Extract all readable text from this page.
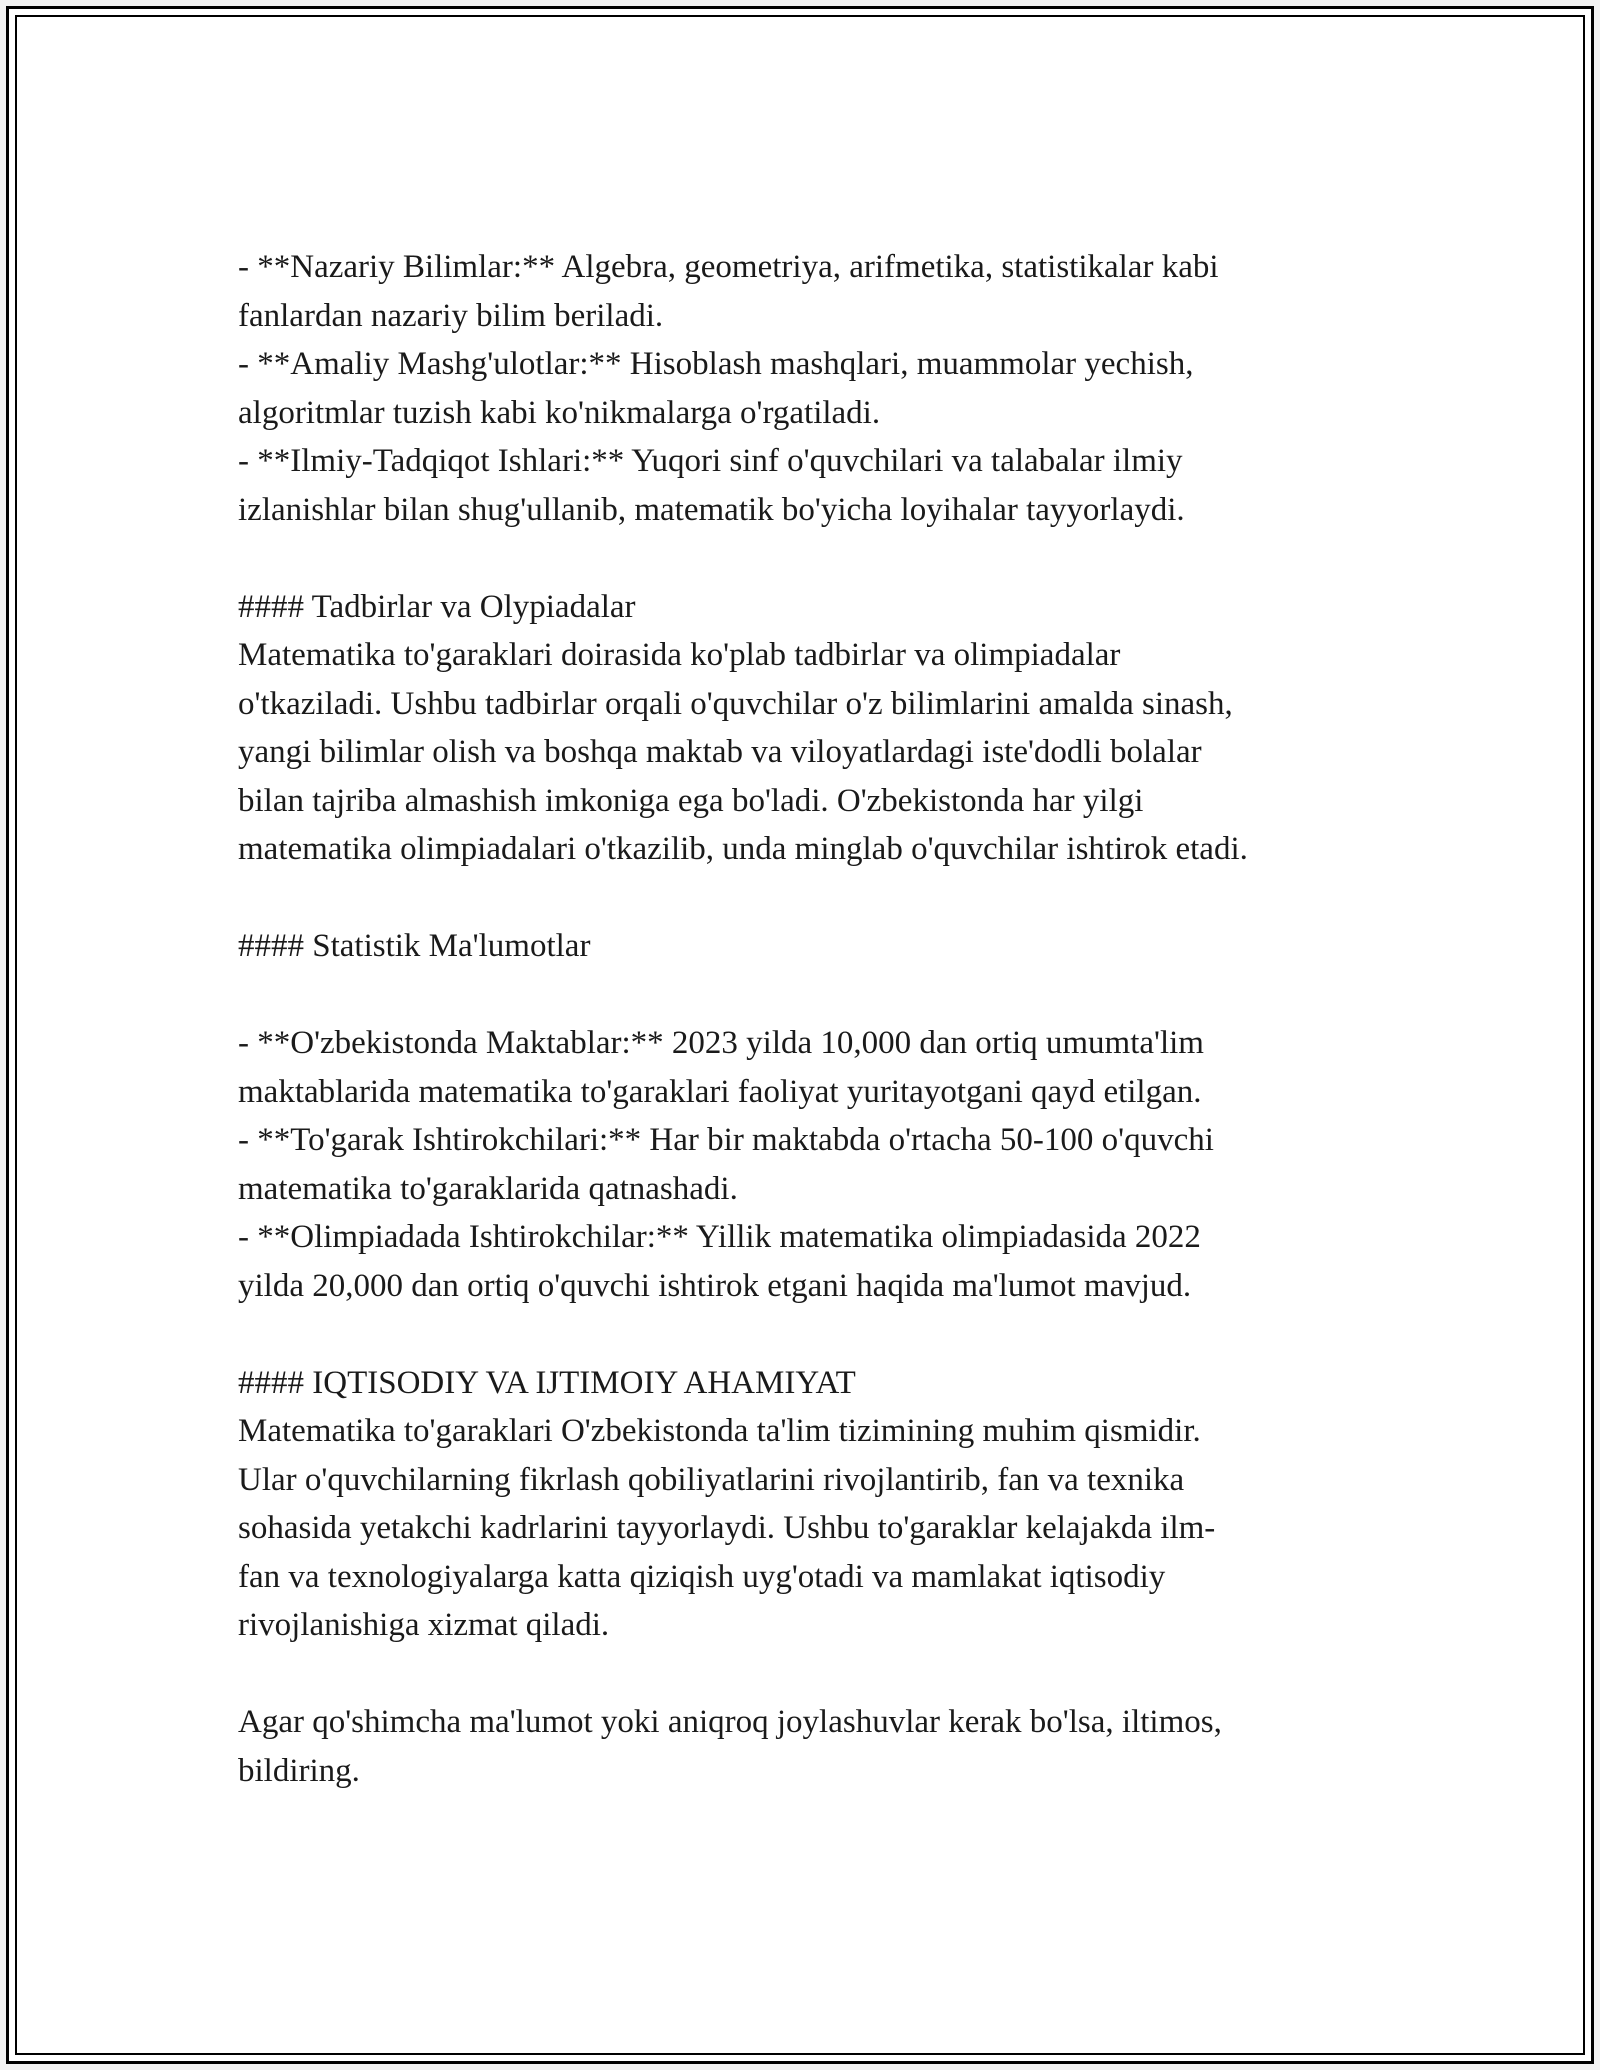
- **Nazariy Bilimlar:** Algebra, geometriya, arifmetika, statistikalar kabi
fanlardan nazariy bilim beriladi.
- **Amaliy Mashg'ulotlar:** Hisoblash mashqlari, muammolar yechish,
algoritmlar tuzish kabi ko'nikmalarga o'rgatiladi.
- **Ilmiy-Tadqiqot Ishlari:** Yuqori sinf o'quvchilari va talabalar ilmiy
izlanishlar bilan shug'ullanib, matematik bo'yicha loyihalar tayyorlaydi.
#### Tadbirlar va Olypiadalar
Matematika to'garaklari doirasida ko'plab tadbirlar va olimpiadalar
o'tkaziladi. Ushbu tadbirlar orqali o'quvchilar o'z bilimlarini amalda sinash,
yangi bilimlar olish va boshqa maktab va viloyatlardagi iste'dodli bolalar
bilan tajriba almashish imkoniga ega bo'ladi. O'zbekistonda har yilgi
matematika olimpiadalari o'tkazilib, unda minglab o'quvchilar ishtirok etadi.
#### Statistik Ma'lumotlar
- **O'zbekistonda Maktablar:** 2023 yilda 10,000 dan ortiq umumta'lim
maktablarida matematika to'garaklari faoliyat yuritayotgani qayd etilgan.
- **To'garak Ishtirokchilari:** Har bir maktabda o'rtacha 50-100 o'quvchi
matematika to'garaklarida qatnashadi.
- **Olimpiadada Ishtirokchilar:** Yillik matematika olimpiadasida 2022
yilda 20,000 dan ortiq o'quvchi ishtirok etgani haqida ma'lumot mavjud.
#### IQTISODIY VA IJTIMOIY AHAMIYAT
Matematika to'garaklari O'zbekistonda ta'lim tizimining muhim qismidir.
Ular o'quvchilarning fikrlash qobiliyatlarini rivojlantirib, fan va texnika
sohasida yetakchi kadrlarini tayyorlaydi. Ushbu to'garaklar kelajakda ilm-
fan va texnologiyalarga katta qiziqish uyg'otadi va mamlakat iqtisodiy
rivojlanishiga xizmat qiladi.
Agar qo'shimcha ma'lumot yoki aniqroq joylashuvlar kerak bo'lsa, iltimos,
bildiring.
